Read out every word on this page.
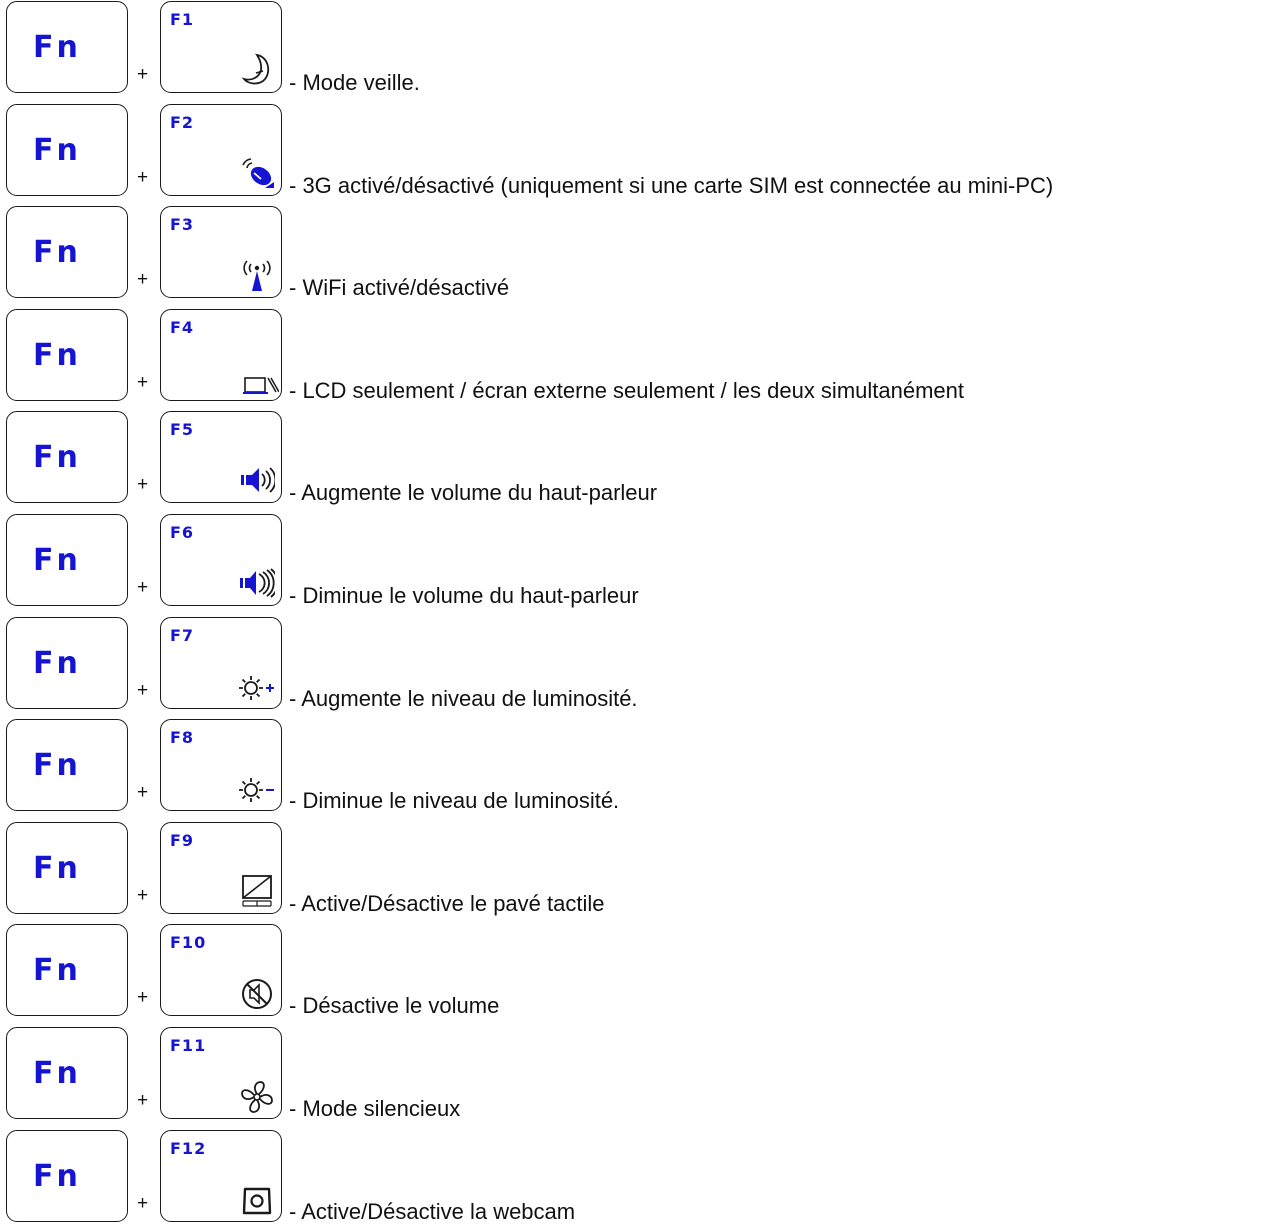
Fn
+
F1
- Mode veille.
Fn
+
F2
- 3G activé/désactivé (uniquement si une carte SIM est connectée au mini-PC)
Fn
+
F3
- WiFi activé/désactivé
Fn
+
F4
- LCD seulement / écran externe seulement / les deux simultanément
Fn
+
F5
- Augmente le volume du haut-parleur
Fn
+
F6
- Diminue le volume du haut-parleur
Fn
+
F7
- Augmente le niveau de luminosité.
Fn
+
F8
- Diminue le niveau de luminosité.
Fn
+
F9
- Active/Désactive le pavé tactile
Fn
+
F10
- Désactive le volume
Fn
+
F11
- Mode silencieux
Fn
+
F12
- Active/Désactive la webcam
